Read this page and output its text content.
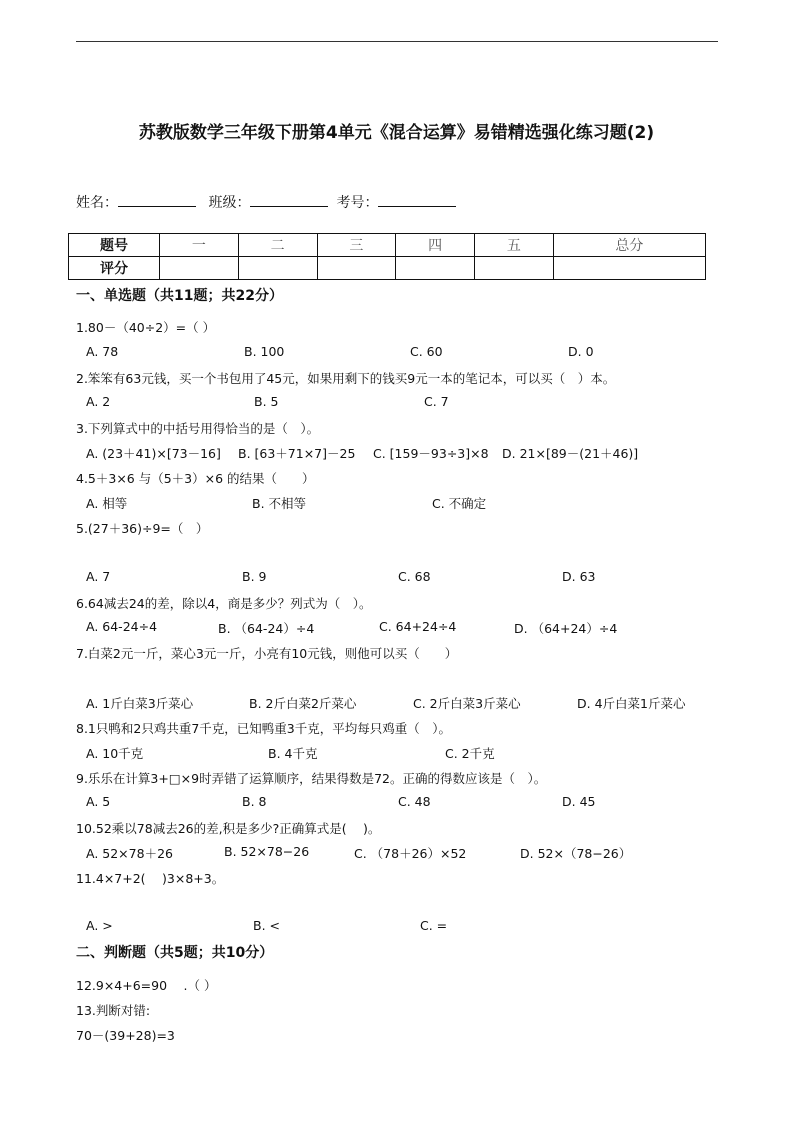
苏教版数学三年级下册第4单元《混合运算》易错精选强化练习题(2)
姓名：	班级：	考号：
题号	一	二	三	四	五	总分
评分						
一、单选题（共11题；共22分）
1.80－（40÷2）=（ ）
A. 78	B. 100	C. 60	D. 0
2.笨笨有63元钱，买一个书包用了45元，如果用剩下的钱买9元一本的笔记本，可以买（　）本。
A. 2	B. 5	C. 7
3.下列算式中的中括号用得恰当的是（　）。
A. (23＋41)×[73－16] B. [63＋71×7]－25 C. [159－93÷3]×8 D. 21×[89－(21＋46)]
4.5＋3×6 与（5＋3）×6 的结果（　　）
A. 相等	B. 不相等	C. 不确定
5.(27＋36)÷9=（　）
A. 7	B. 9	C. 68	D. 63
6.64减去24的差，除以4，商是多少？列式为（　）。
A. 64-24÷4	B. （64-24）÷4	C. 64+24÷4	D. （64+24）÷4
7.白菜2元一斤，菜心3元一斤，小亮有10元钱，则他可以买（　　）
A. 1斤白菜3斤菜心	B. 2斤白菜2斤菜心	C. 2斤白菜3斤菜心	D. 4斤白菜1斤菜心
8.1只鸭和2只鸡共重7千克，已知鸭重3千克，平均每只鸡重（　）。
A. 10千克	B. 4千克	C. 2千克
9.乐乐在计算3+□×9时弄错了运算顺序，结果得数是72。正确的得数应该是（　）。
A. 5	B. 8	C. 48	D. 45
10.52乘以78减去26的差,积是多少?正确算式是(　 )。
A. 52×78＋26	B. 52×78−26	C. （78＋26）×52	D. 52×（78−26）
11.4×7+2(　 )3×8+3。
A. >	B. <	C. =
二、判断题（共5题；共10分）
12.9×4+6=90　 .（ ）
13.判断对错:
70－(39+28)=3
